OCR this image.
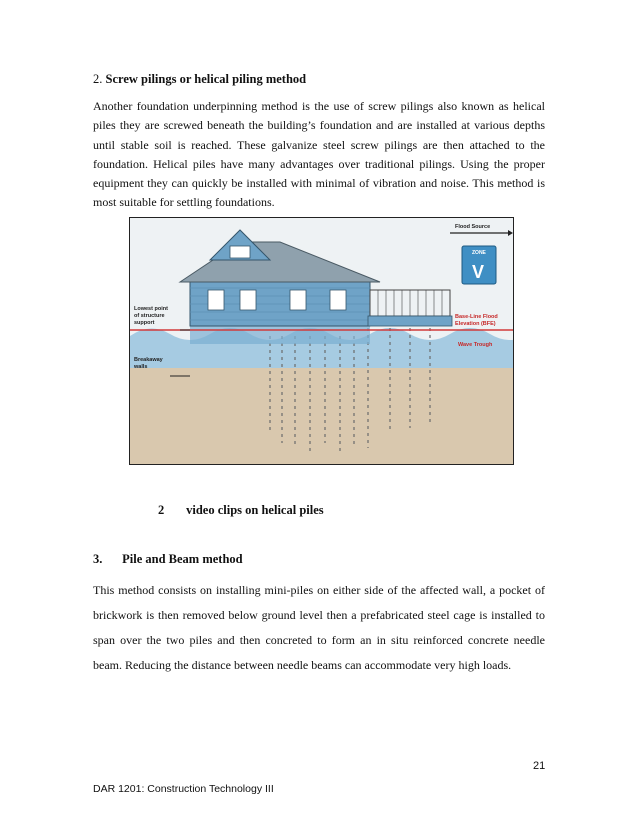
2. Screw pilings or helical piling method
Another foundation underpinning method is the use of screw pilings also known as helical piles they are screwed beneath the building’s foundation and are installed at various depths until stable soil is reached. These galvanize steel screw pilings are then attached to the foundation. Helical piles have many advantages over traditional pilings. Using the proper equipment they can quickly be installed with minimal of vibration and noise. This method is most suitable for settling foundations.
Flood Source
ZONE
V
Lowest point
of structure
support
Breakaway
walls
Base-Line Flood
Elevation (BFE)
Wave Trough
2 video clips on helical piles
3. Pile and Beam method
This method consists on installing mini-piles on either side of the affected wall, a pocket of brickwork is then removed below ground level then a prefabricated steel cage is installed to span over the two piles and then concreted to form an in situ reinforced concrete needle beam. Reducing the distance between needle beams can accommodate very high loads.
21
DAR 1201: Construction Technology III
